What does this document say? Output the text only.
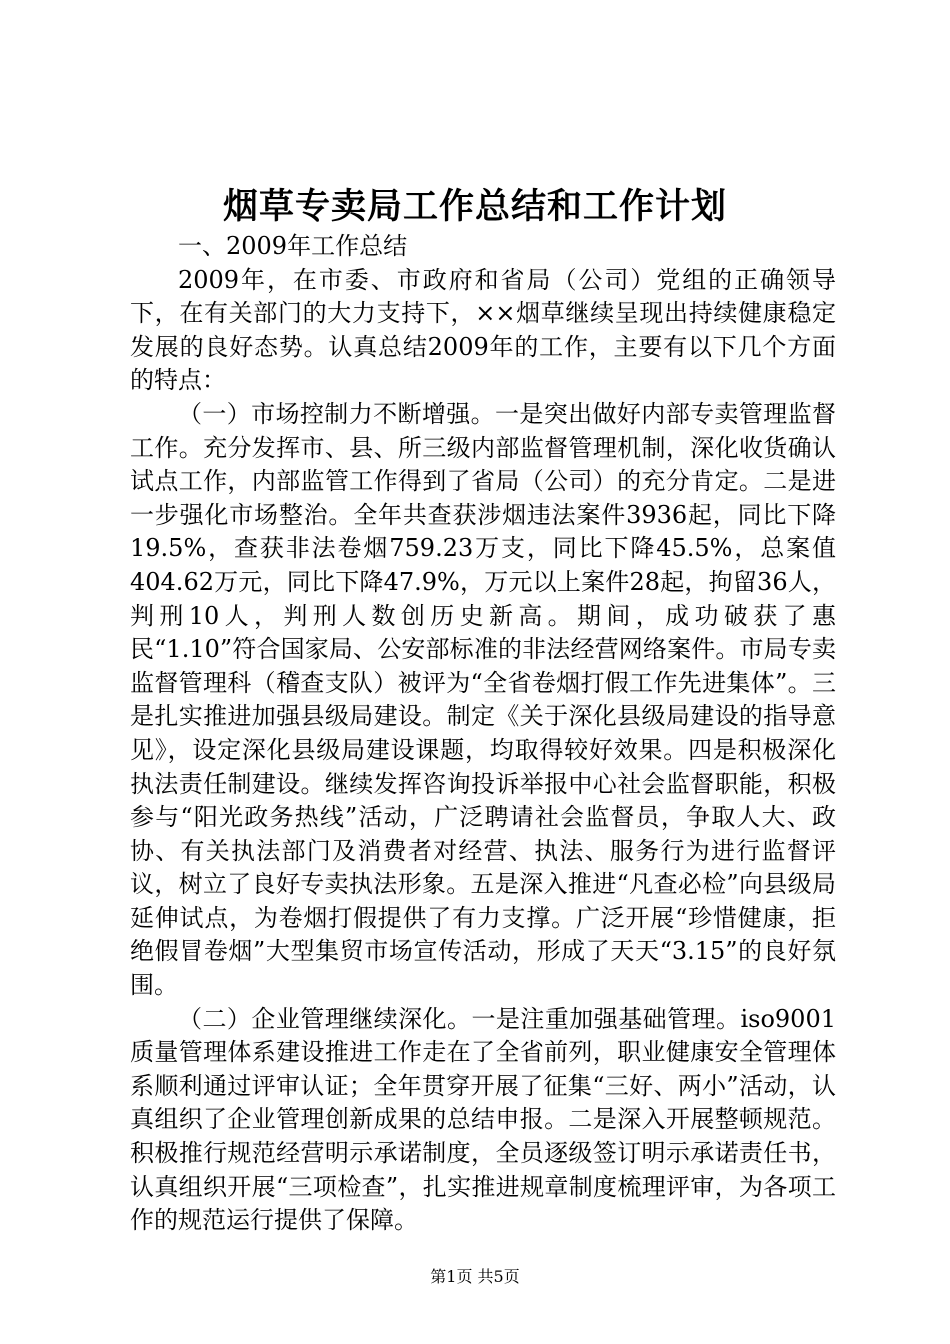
烟草专卖局工作总结和工作计划

一、2009年工作总结

2009年，在市委、市政府和省局（公司）党组的正确领导下，在有关部门的大力支持下，××烟草继续呈现出持续健康稳定发展的良好态势。认真总结2009年的工作，主要有以下几个方面的特点：

（一）市场控制力不断增强。一是突出做好内部专卖管理监督工作。充分发挥市、县、所三级内部监督管理机制，深化收货确认试点工作，内部监管工作得到了省局（公司）的充分肯定。二是进一步强化市场整治。全年共查获涉烟违法案件3936起，同比下降19.5%，查获非法卷烟759.23万支，同比下降45.5%，总案值404.62万元，同比下降47.9%，万元以上案件28起，拘留36人，判刑10人，判刑人数创历史新高。期间，成功破获了惠民“1.10”符合国家局、公安部标准的非法经营网络案件。市局专卖监督管理科（稽查支队）被评为“全省卷烟打假工作先进集体”。三是扎实推进加强县级局建设。制定《关于深化县级局建设的指导意见》，设定深化县级局建设课题，均取得较好效果。四是积极深化执法责任制建设。继续发挥咨询投诉举报中心社会监督职能，积极参与“阳光政务热线”活动，广泛聘请社会监督员，争取人大、政协、有关执法部门及消费者对经营、执法、服务行为进行监督评议，树立了良好专卖执法形象。五是深入推进“凡查必检”向县级局延伸试点，为卷烟打假提供了有力支撑。广泛开展“珍惜健康，拒绝假冒卷烟”大型集贸市场宣传活动，形成了天天“3.15”的良好氛围。

（二）企业管理继续深化。一是注重加强基础管理。iso9001质量管理体系建设推进工作走在了全省前列，职业健康安全管理体系顺利通过评审认证；全年贯穿开展了征集“三好、两小”活动，认真组织了企业管理创新成果的总结申报。二是深入开展整顿规范。积极推行规范经营明示承诺制度，全员逐级签订明示承诺责任书，认真组织开展“三项检查”，扎实推进规章制度梳理评审，为各项工作的规范运行提供了保障。

第1页 共5页
